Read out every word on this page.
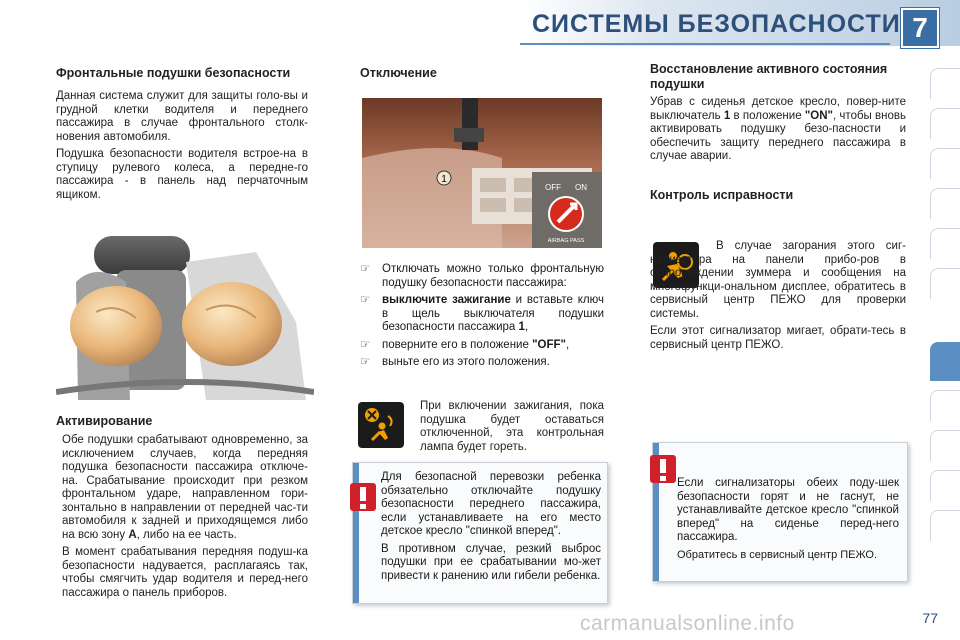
СИСТЕМЫ БЕЗОПАСНОСТИ 7
Фронтальные подушки безопасности

Данная система служит для защиты голо-вы и грудной клетки водителя и переднего пассажира в случае фронтального столк-новения автомобиля.

Подушка безопасности водителя встрое-на в ступицу рулевого колеса, а передне-го пассажира - в панель над перчаточным ящиком.

Активирование

Обе подушки срабатывают одновременно, за исключением случаев, когда передняя подушка безопасности пассажира отключе-на. Срабатывание происходит при резком фронтальном ударе, направленном гори-зонтально в направлении от передней час-ти автомобиля к задней и приходящемся либо на всю зону A, либо на ее часть.

В момент срабатывания передняя подуш-ка безопасности надувается, расплагаясь так, чтобы смягчить удар водителя и перед-него пассажира о панель приборов.

Отключение
1
OFF ON
AIRBAG PASS
☞ Отключать можно только фронтальную подушку безопасности пассажира:
☞ выключите зажигание и вставьте ключ в щель выключателя подушки безопасности пассажира 1,
☞ поверните его в положение "OFF",
☞ выньте его из этого положения.
При включении зажигания, пока подушка будет оставаться отключенной, эта контрольная лампа будет гореть.

Для безопасной перевозки ребенка обязательно отключайте подушку безопасности переднего пассажира, если устанавливаете на его место детское кресло "спинкой вперед".

В противном случае, резкий выброс подушки при ее срабатывании мо-жет привести к ранению или гибели ребенка.

Восстановление активного состояния подушки
Убрав с сиденья детское кресло, повер-ните выключатель 1 в положение "ON", чтобы вновь активировать подушку безо-пасности и обеспечить защиту переднего пассажира в случае аварии.
Контроль исправности

В случае загорания этого сиг-нализатора на панели прибо-ров в сопровождении зуммера и сообщения на многофункци-ональном дисплее, обратитесь в сервисный центр ПЕЖО для проверки системы.

Если этот сигнализатор мигает, обрати-тесь в сервисный центр ПЕЖО.

Если сигнализаторы обеих поду-шек безопасности горят и не гаснут, не устанавливайте детское кресло "спинкой вперед" на сиденье перед-него пассажира.

Обратитесь в сервисный центр ПЕЖО.

77
carmanualsonline.info
